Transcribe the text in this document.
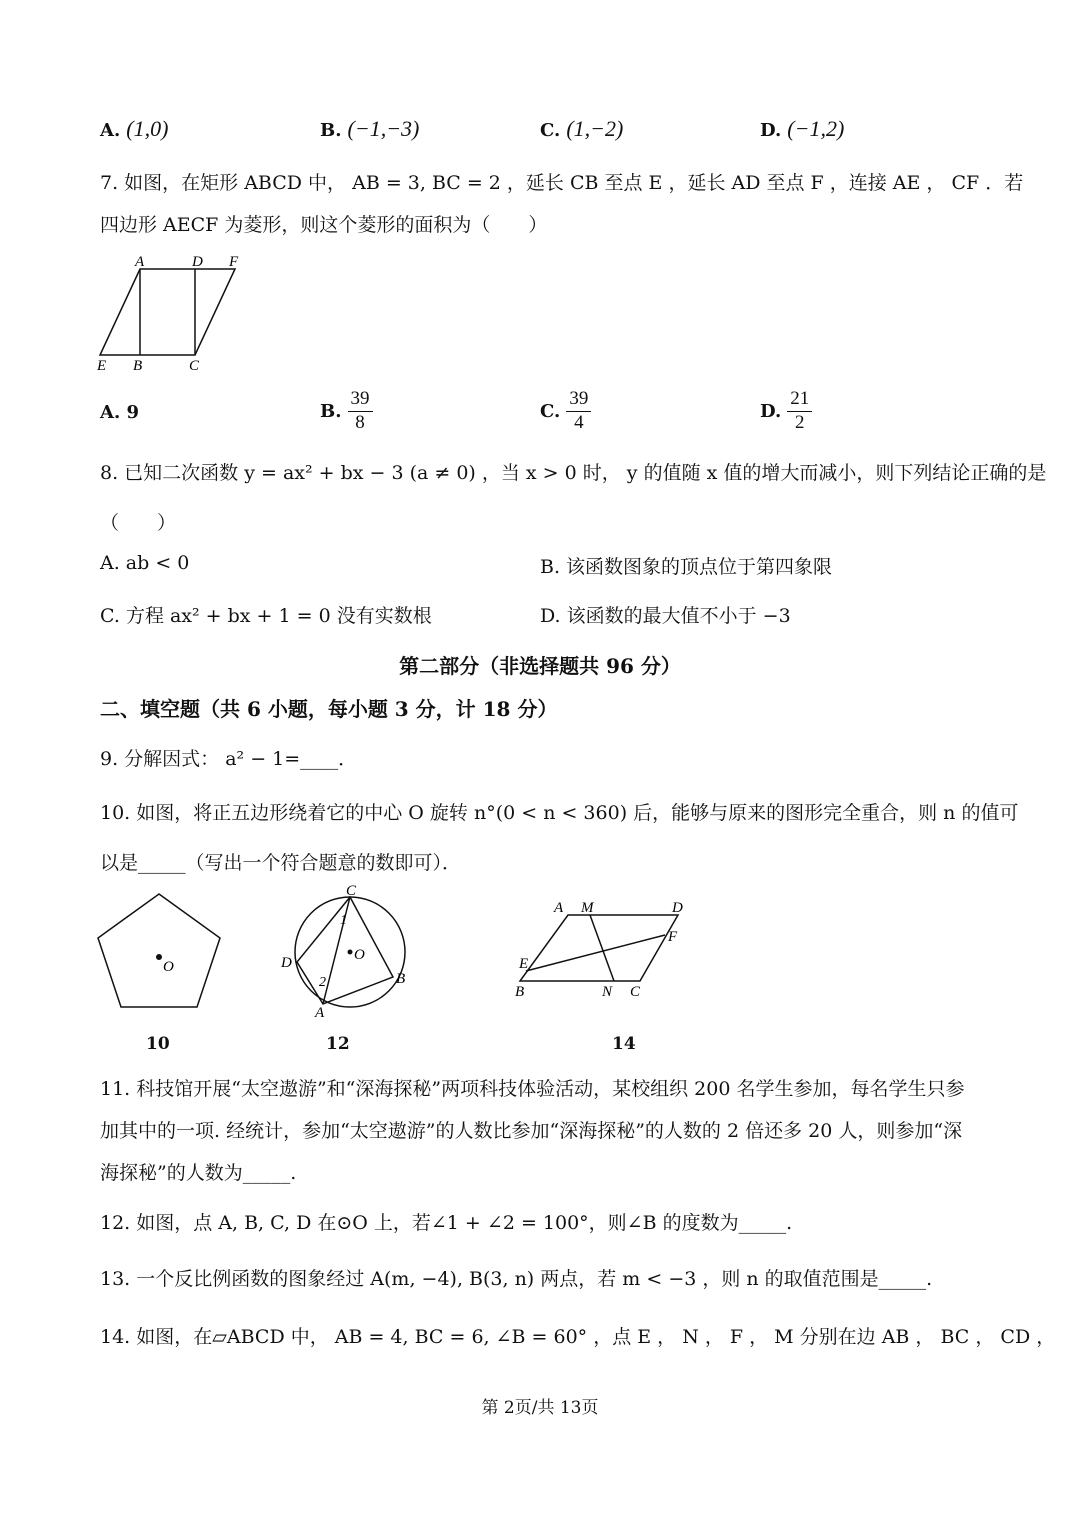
A. (1,0)	B. (−1,−3)	C. (1,−2)	D. (−1,2)
7. 如图，在矩形 ABCD 中， AB = 3, BC = 2 ，延长 CB 至点 E ，延长 AD 至点 F ，连接 AE ， CF ．若
四边形 AECF 为菱形，则这个菱形的面积为（　　）
A	D F
E B	C
A. 9	B. $\frac{39}{8}$	C. $\frac{39}{4}$	D. $\frac{21}{2}$
8. 已知二次函数 y = ax² + bx − 3 (a ≠ 0) ，当 x > 0 时， y 的值随 x 值的增大而减小，则下列结论正确的是
（　　）
A. ab < 0	B. 该函数图象的顶点位于第四象限
C. 方程 ax² + bx + 1 = 0 没有实数根	D. 该函数的最大值不小于 −3
第二部分（非选择题共 96 分）
二、填空题（共 6 小题，每小题 3 分，计 18 分）
9. 分解因式： a² − 1=____．
10. 如图，将正五边形绕着它的中心 O 旋转 n°(0 < n < 360) 后，能够与原来的图形完全重合，则 n 的值可
以是_____（写出一个符合题意的数即可）．
O
10
C
D	O
B
A
1
2
12
A M	D
F
E
B	N C
14
11. 科技馆开展“太空遨游”和“深海探秘”两项科技体验活动，某校组织 200 名学生参加，每名学生只参
加其中的一项. 经统计，参加“太空遨游”的人数比参加“深海探秘”的人数的 2 倍还多 20 人，则参加“深
海探秘”的人数为_____.
12. 如图，点 A, B, C, D 在⊙O 上，若∠1 + ∠2 = 100°，则∠B 的度数为_____.
13. 一个反比例函数的图象经过 A(m, −4), B(3, n) 两点，若 m < −3 ，则 n 的取值范围是_____.
14. 如图，在▱ABCD 中， AB = 4, BC = 6, ∠B = 60° ，点 E ， N ， F ， M 分别在边 AB ， BC ， CD ，
第 2页/共 13页
